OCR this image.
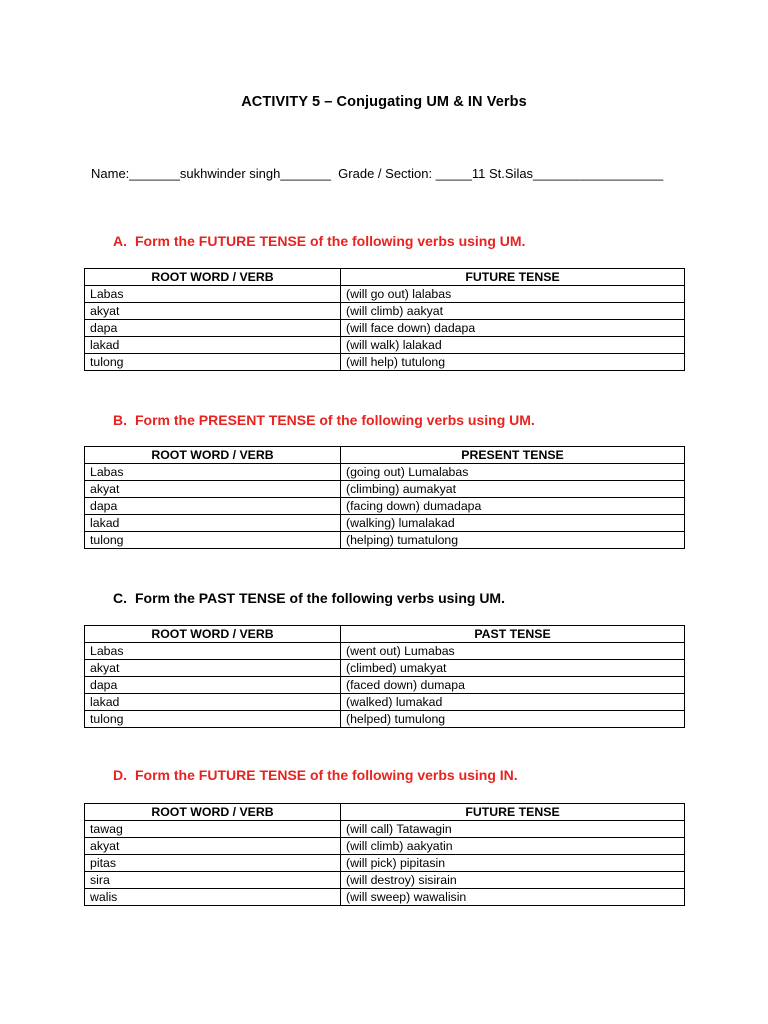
ACTIVITY 5 – Conjugating UM & IN Verbs
Name:_______sukhwinder singh_______  Grade / Section: _____11 St.Silas__________________
A. Form the FUTURE TENSE of the following verbs using UM.
ROOT WORD / VERB	FUTURE TENSE
Labas	(will go out) lalabas
akyat	(will climb) aakyat
dapa	(will face down) dadapa
lakad	(will walk) lalakad
tulong	(will help) tutulong
B. Form the PRESENT TENSE of the following verbs using UM.
ROOT WORD / VERB	PRESENT TENSE
Labas	(going out) Lumalabas
akyat	(climbing) aumakyat
dapa	(facing down) dumadapa
lakad	(walking) lumalakad
tulong	(helping) tumatulong
C. Form the PAST TENSE of the following verbs using UM.
ROOT WORD / VERB	PAST TENSE
Labas	(went out) Lumabas
akyat	(climbed) umakyat
dapa	(faced down) dumapa
lakad	(walked) lumakad
tulong	(helped) tumulong
D. Form the FUTURE TENSE of the following verbs using IN.
ROOT WORD / VERB	FUTURE TENSE
tawag	(will call) Tatawagin
akyat	(will climb) aakyatin
pitas	(will pick) pipitasin
sira	(will destroy) sisirain
walis	(will sweep) wawalisin
